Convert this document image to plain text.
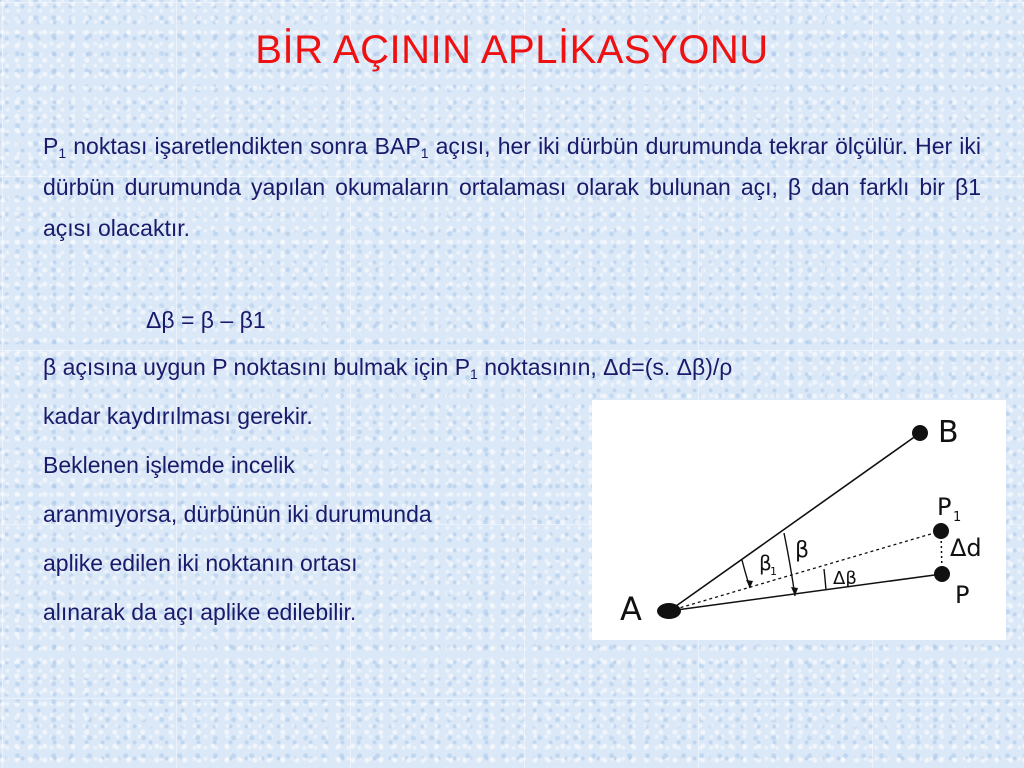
BİR AÇININ APLİKASYONU
$P_1$ noktası işaretlendikten sonra $BAP_1$ açısı, her iki dürbün durumunda tekrar ölçülür. Her iki dürbün durumunda yapılan okumaların ortalaması olarak bulunan açı, β dan farklı bir β1 açısı olacaktır.
Δβ = β – β1
β açısına uygun P noktasını bulmak için $P_1$ noktasının, Δd=(s. Δβ)/ρ
kadar kaydırılması gerekir.
Beklenen işlemde incelik
aranmıyorsa, dürbünün iki durumunda
aplike edilen iki noktanın ortası
alınarak da açı aplike edilebilir.	A
B
P 1
P
β
1
β
Δβ
Δd
